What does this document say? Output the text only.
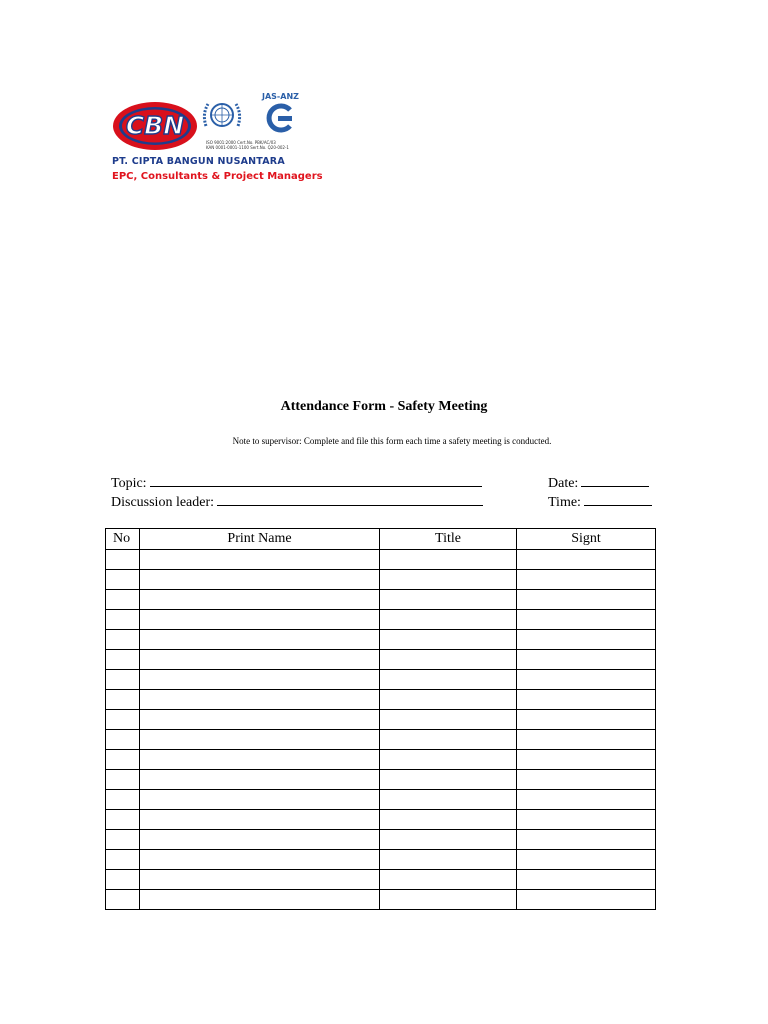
CBN
ISO 9001:2000 Cert.No. PBK/AC/03
KAN 0001-0001-1100 Sert.No. Q20-002-1
JAS-ANZ
PT. CIPTA BANGUN NUSANTARA
EPC, Consultants & Project Managers
Attendance Form - Safety Meeting
Note to supervisor: Complete and file this form each time a safety meeting is conducted.
Topic:
Discussion leader:
Date:
Time:
No	Print Name	Title	Signt
